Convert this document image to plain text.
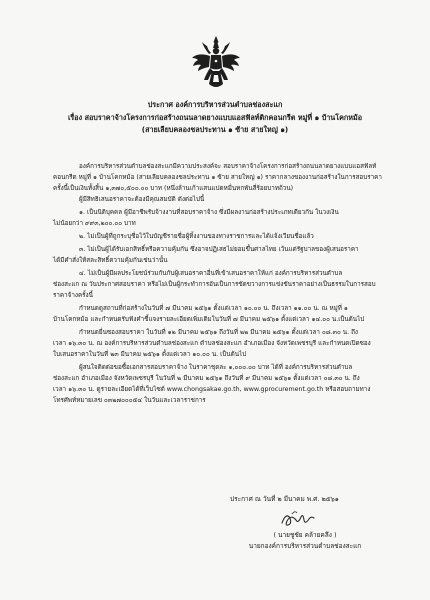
ประกาศ องค์การบริหารส่วนตำบลช่องสะแก
เรื่อง สอบราคาจ้างโครงการก่อสร้างถนนลาดยางแบบแอสฟัลท์ติกคอนกรีต หมู่ที่ ๑ บ้านโคกหม้อ
(สายเลียบคลองชลประทาน ๑ ซ้าย สายใหญ่ ๑)

องค์การบริหารส่วนตำบลช่องสะแกมีความประสงค์จะ สอบราคาจ้างโครงการก่อสร้างถนนลาดยางแบบแอสฟัลท์

คอนกรีต หมู่ที่ ๑ บ้านโคกหม้อ (สายเลียบคลองชลประทาน ๑ ซ้าย สายใหญ่ ๑) ราคากลางของงานก่อสร้างในการสอบราคา

ครั้งนี้เป็นเงินทั้งสิ้น ๑,๓๗๐,๕๐๐.๐๐ บาท (หนึ่งล้านเก้าแสนแปดหมื่นหกพันสี่ร้อยบาทถ้วน)

ผู้มีสิทธิเสนอราคาจะต้องมีคุณสมบัติ ดังต่อไปนี้

๑. เป็นนิติบุคคล ผู้มีอาชีพรับจ้างงานที่สอบราคาจ้าง ซึ่งมีผลงานก่อสร้างประเภทเดียวกัน ในวงเงิน

ไม่น้อยกว่า ๙๙๓,๒๐๐.๐๐ บาท

๒. ไม่เป็นผู้ที่ถูกระบุชื่อไว้ในบัญชีรายชื่อผู้ทิ้งงานของทางราชการและได้แจ้งเวียนชื่อแล้ว

๓. ไม่เป็นผู้ได้รับเอกสิทธิ์หรือความคุ้มกัน ซึ่งอาจปฏิเสธไม่ยอมขึ้นศาลไทย เว้นแต่รัฐบาลของผู้เสนอราคา

ได้มีคำสั่งให้สละสิทธิ์ความคุ้มกันเช่นว่านั้น

๔. ไม่เป็นผู้มีผลประโยชน์ร่วมกันกับผู้เสนอราคาอื่นที่เข้าเสนอราคาให้แก่ องค์การบริหารส่วนตำบล

ช่องสะแก ณ วันประกาศสอบราคา หรือไม่เป็นผู้กระทำการอันเป็นการขัดขวางการแข่งขันราคาอย่างเป็นธรรมในการสอบ

ราคาจ้างครั้งนี้

กำหนดดูสถานที่ก่อสร้างในวันที่ ๗ มีนาคม ๒๕๖๑ ตั้งแต่เวลา ๑๐.๐๐ น. ถึงเวลา ๑๑.๐๐ น. ณ หมู่ที่ ๑

บ้านโคกหม้อ และกำหนดรับฟังคำชี้แจงรายละเอียดเพิ่มเติมในวันที่ ๗ มีนาคม ๒๕๖๑ ตั้งแต่เวลา ๑๔.๐๐ น.เป็นต้นไป

กำหนดยื่นซองสอบราคา ในวันที่ ๑๒ มีนาคม ๒๕๖๑ ถึงวันที่ ๒๒ มีนาคม ๒๕๖๑ ตั้งแต่เวลา ๐๘.๓๐ น. ถึง

เวลา ๑๖.๓๐ น. ณ องค์การบริหารส่วนตำบลช่องสะแก ตำบลช่องสะแก อำเภอเมือง จังหวัดเพชรบุรี และกำหนดเปิดซอง

ใบเสนอราคาในวันที่ ๒๓ มีนาคม ๒๕๖๑ ตั้งแต่เวลา ๑๐.๐๐ น. เป็นต้นไป

ผู้สนใจติดต่อขอซื้อเอกสารสอบราคาจ้าง ในราคาชุดละ ๑,๐๐๐.๐๐ บาท ได้ที่ องค์การบริหารส่วนตำบล

ช่องสะแก อำเภอเมือง จังหวัดเพชรบุรี ในวันที่ ๒ มีนาคม ๒๕๖๑ ถึงวันที่ ๙ มีนาคม ๒๕๖๑ ตั้งแต่เวลา ๐๘.๓๐ น. ถึง

เวลา ๑๖.๓๐ น. ดูรายละเอียดได้ที่เว็บไซต์ www.chongsakae.go.th, www.gprocurement.go.th หรือสอบถามทาง

โทรศัพท์หมายเลข ๐๓๒๗๐๐๐๕๔ ในวันและเวลาราชการ

ประกาศ ณ วันที่ ๒ มีนาคม พ.ศ. ๒๕๖๑
( นายชูชัย คล้ายคลึง )
นายกองค์การบริหารส่วนตำบลช่องสะแก
